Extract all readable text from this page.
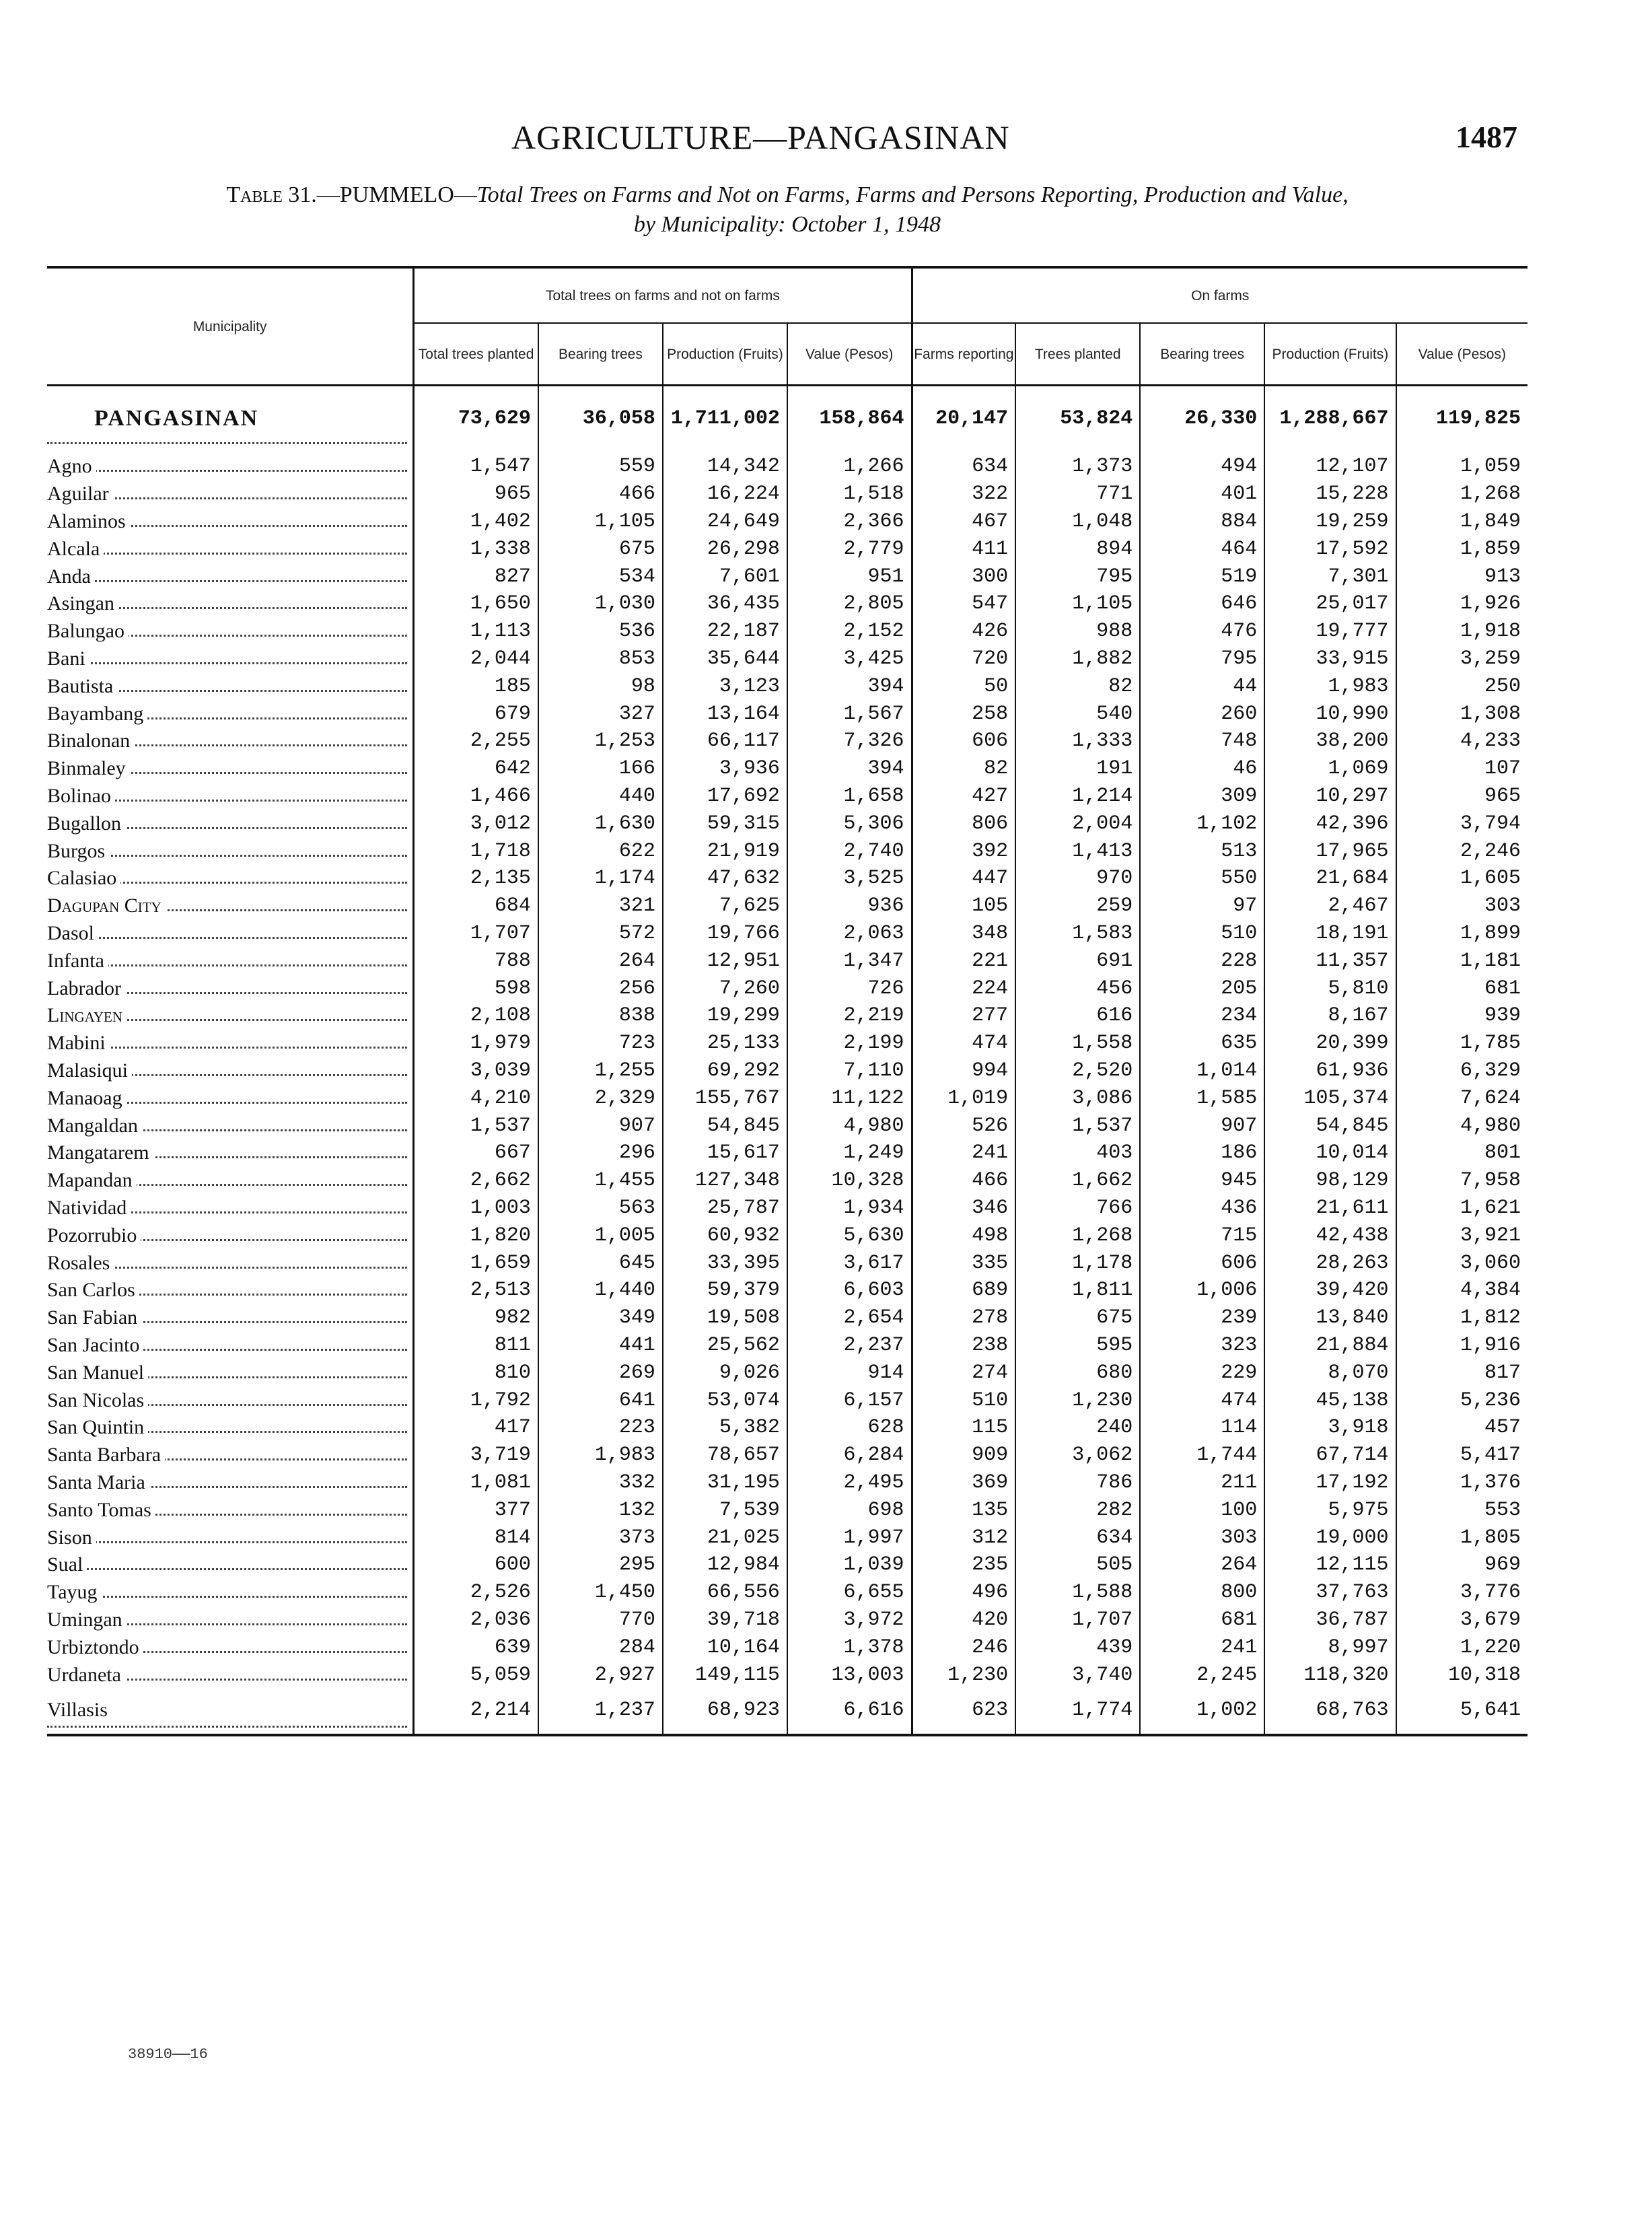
AGRICULTURE—PANGASINAN	1487
Table 31.—PUMMELO—Total Trees on Farms and Not on Farms, Farms and Persons Reporting, Production and Value,
by Municipality: October 1, 1948
Municipality	Total trees on farms and not on farms				On farms				
	Total trees planted	Bearing trees	Production (Fruits)	Value (Pesos)	Farms reporting	Trees planted	Bearing trees	Production (Fruits)	Value (Pesos)

PANGASINAN	73,629	36,058	1,711,002	158,864	20,147	53,824	26,330	1,288,667	119,825

Agno	1,547	559	14,342	1,266	634	1,373	494	12,107	1,059

Aguilar	965	466	16,224	1,518	322	771	401	15,228	1,268

Alaminos	1,402	1,105	24,649	2,366	467	1,048	884	19,259	1,849

Alcala	1,338	675	26,298	2,779	411	894	464	17,592	1,859

Anda	827	534	7,601	951	300	795	519	7,301	913

Asingan	1,650	1,030	36,435	2,805	547	1,105	646	25,017	1,926

Balungao	1,113	536	22,187	2,152	426	988	476	19,777	1,918

Bani	2,044	853	35,644	3,425	720	1,882	795	33,915	3,259

Bautista	185	98	3,123	394	50	82	44	1,983	250

Bayambang	679	327	13,164	1,567	258	540	260	10,990	1,308

Binalonan	2,255	1,253	66,117	7,326	606	1,333	748	38,200	4,233

Binmaley	642	166	3,936	394	82	191	46	1,069	107

Bolinao	1,466	440	17,692	1,658	427	1,214	309	10,297	965

Bugallon	3,012	1,630	59,315	5,306	806	2,004	1,102	42,396	3,794

Burgos	1,718	622	21,919	2,740	392	1,413	513	17,965	2,246

Calasiao	2,135	1,174	47,632	3,525	447	970	550	21,684	1,605

Dagupan City	684	321	7,625	936	105	259	97	2,467	303

Dasol	1,707	572	19,766	2,063	348	1,583	510	18,191	1,899

Infanta	788	264	12,951	1,347	221	691	228	11,357	1,181

Labrador	598	256	7,260	726	224	456	205	5,810	681

Lingayen	2,108	838	19,299	2,219	277	616	234	8,167	939

Mabini	1,979	723	25,133	2,199	474	1,558	635	20,399	1,785

Malasiqui	3,039	1,255	69,292	7,110	994	2,520	1,014	61,936	6,329

Manaoag	4,210	2,329	155,767	11,122	1,019	3,086	1,585	105,374	7,624

Mangaldan	1,537	907	54,845	4,980	526	1,537	907	54,845	4,980

Mangatarem	667	296	15,617	1,249	241	403	186	10,014	801

Mapandan	2,662	1,455	127,348	10,328	466	1,662	945	98,129	7,958

Natividad	1,003	563	25,787	1,934	346	766	436	21,611	1,621

Pozorrubio	1,820	1,005	60,932	5,630	498	1,268	715	42,438	3,921

Rosales	1,659	645	33,395	3,617	335	1,178	606	28,263	3,060

San Carlos	2,513	1,440	59,379	6,603	689	1,811	1,006	39,420	4,384

San Fabian	982	349	19,508	2,654	278	675	239	13,840	1,812

San Jacinto	811	441	25,562	2,237	238	595	323	21,884	1,916

San Manuel	810	269	9,026	914	274	680	229	8,070	817

San Nicolas	1,792	641	53,074	6,157	510	1,230	474	45,138	5,236

San Quintin	417	223	5,382	628	115	240	114	3,918	457

Santa Barbara	3,719	1,983	78,657	6,284	909	3,062	1,744	67,714	5,417

Santa Maria	1,081	332	31,195	2,495	369	786	211	17,192	1,376

Santo Tomas	377	132	7,539	698	135	282	100	5,975	553

Sison	814	373	21,025	1,997	312	634	303	19,000	1,805

Sual	600	295	12,984	1,039	235	505	264	12,115	969

Tayug	2,526	1,450	66,556	6,655	496	1,588	800	37,763	3,776

Umingan	2,036	770	39,718	3,972	420	1,707	681	36,787	3,679

Urbiztondo	639	284	10,164	1,378	246	439	241	8,997	1,220

Urdaneta	5,059	2,927	149,115	13,003	1,230	3,740	2,245	118,320	10,318

Villasis	2,214	1,237	68,923	6,616	623	1,774	1,002	68,763	5,641
38910——16
